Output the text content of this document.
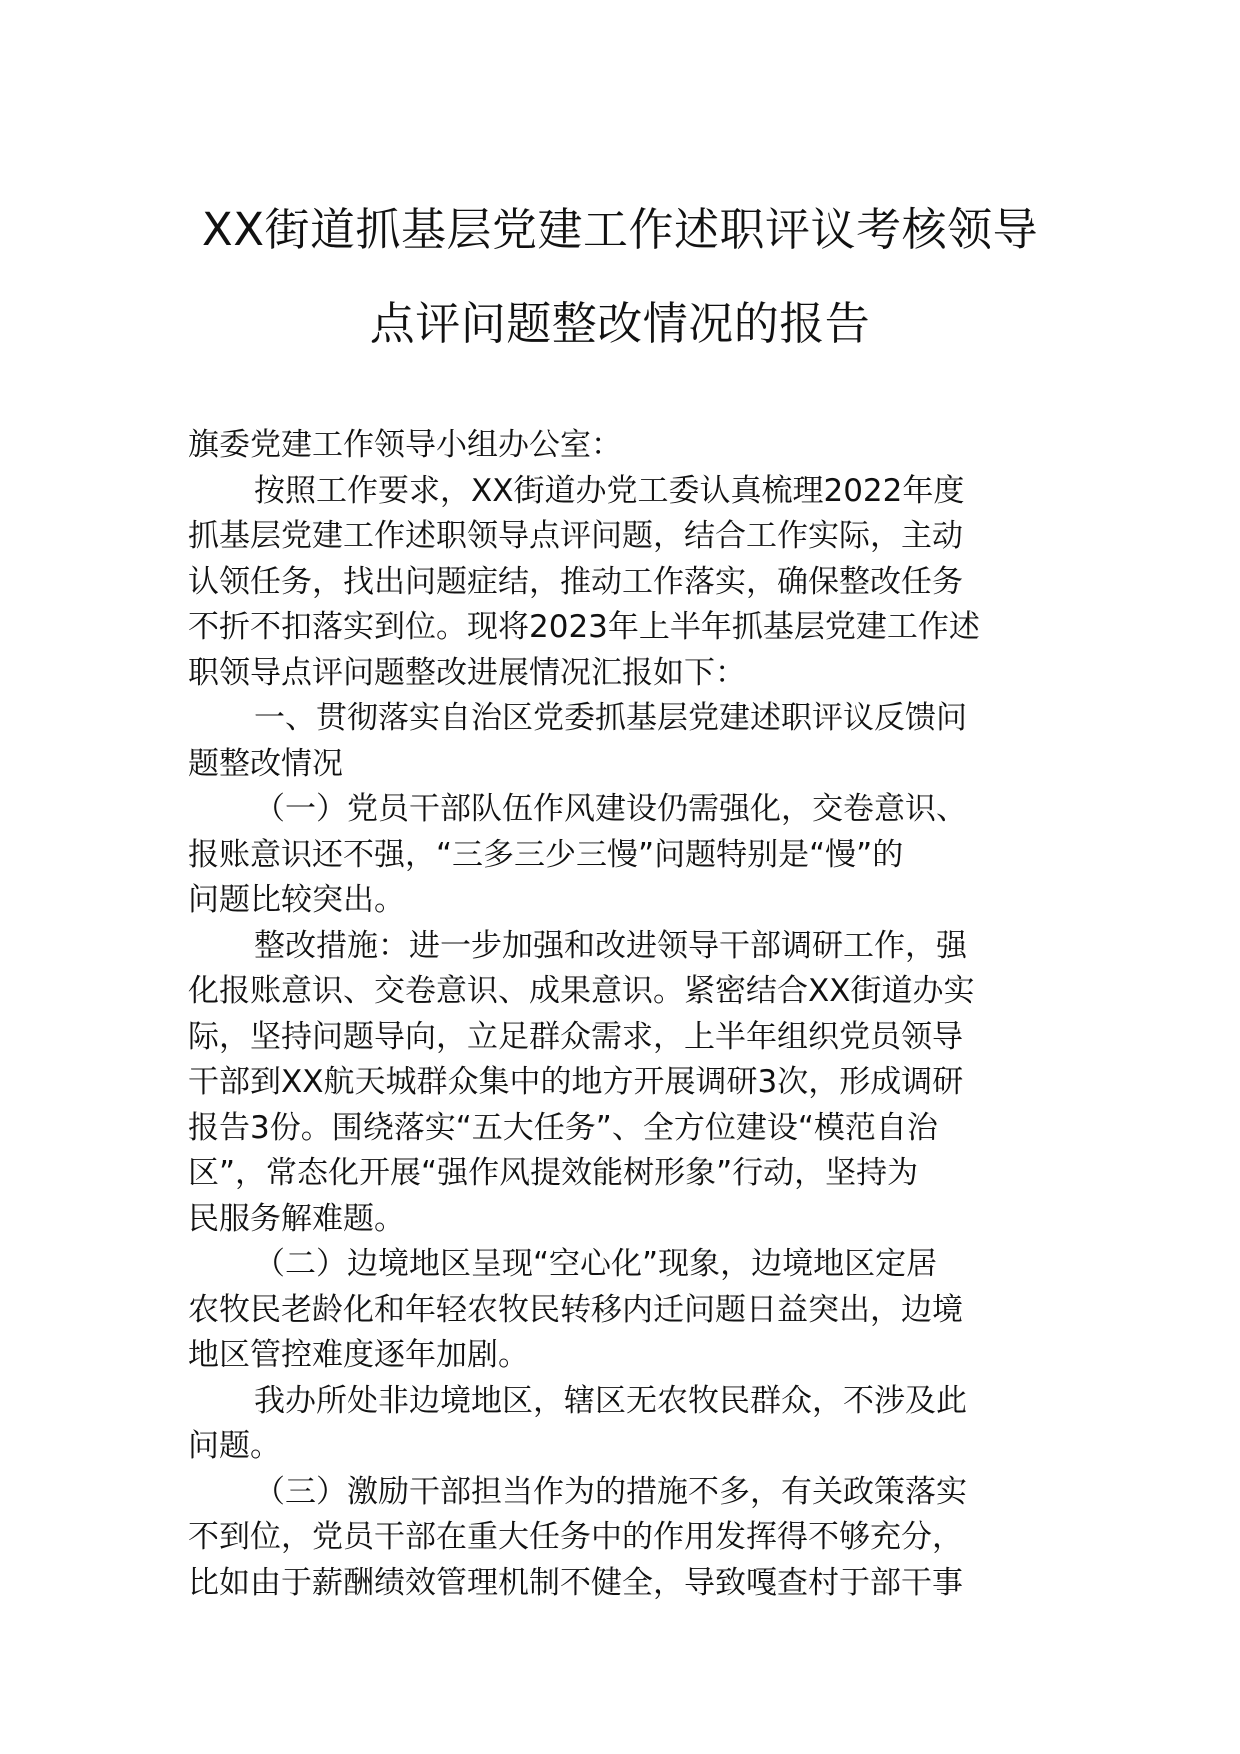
XX街道抓基层党建工作述职评议考核领导
点评问题整改情况的报告
旗委党建工作领导小组办公室：
按照工作要求，XX街道办党工委认真梳理2022年度
抓基层党建工作述职领导点评问题，结合工作实际，主动
认领任务，找出问题症结，推动工作落实，确保整改任务
不折不扣落实到位。现将2023年上半年抓基层党建工作述
职领导点评问题整改进展情况汇报如下：
一、贯彻落实自治区党委抓基层党建述职评议反馈问
题整改情况
（一）党员干部队伍作风建设仍需强化，交卷意识、
报账意识还不强，“三多三少三慢”问题特别是“慢”的
问题比较突出。
整改措施：进一步加强和改进领导干部调研工作，强
化报账意识、交卷意识、成果意识。紧密结合XX街道办实
际，坚持问题导向，立足群众需求，上半年组织党员领导
干部到XX航天城群众集中的地方开展调研3次，形成调研
报告3份。围绕落实“五大任务”、全方位建设“模范自治
区”，常态化开展“强作风提效能树形象”行动，坚持为
民服务解难题。
（二）边境地区呈现“空心化”现象，边境地区定居
农牧民老龄化和年轻农牧民转移内迁问题日益突出，边境
地区管控难度逐年加剧。
我办所处非边境地区，辖区无农牧民群众，不涉及此
问题。
（三）激励干部担当作为的措施不多，有关政策落实
不到位，党员干部在重大任务中的作用发挥得不够充分，
比如由于薪酬绩效管理机制不健全，导致嘎查村于部干事
